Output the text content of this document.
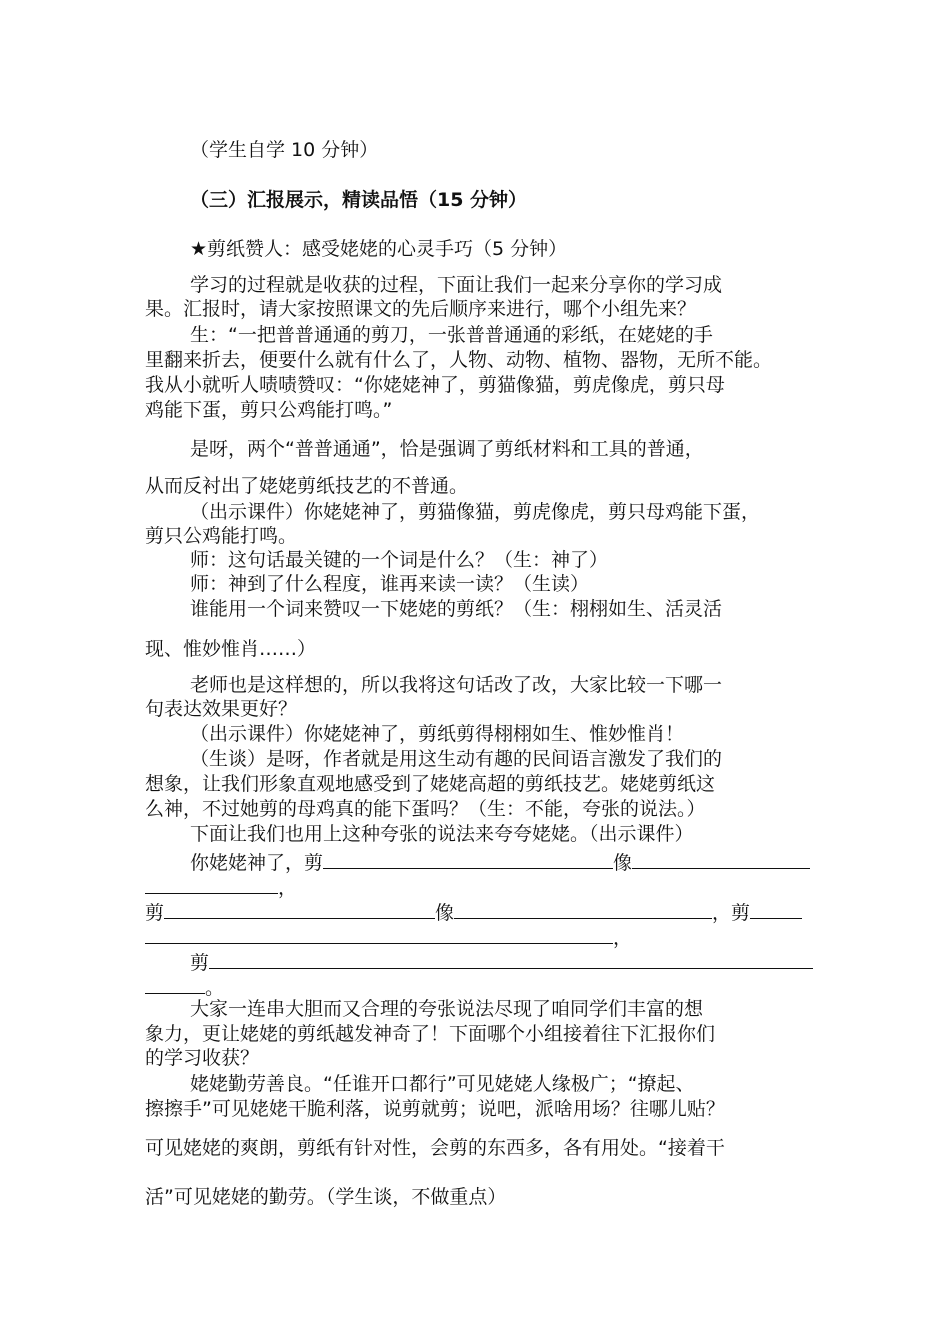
（学生自学 10 分钟）

（三）汇报展示，精读品悟（15 分钟）

★剪纸赞人：感受姥姥的心灵手巧（5 分钟）

学习的过程就是收获的过程，下面让我们一起来分享你的学习成

果。汇报时，请大家按照课文的先后顺序来进行，哪个小组先来？

生：“一把普普通通的剪刀，一张普普通通的彩纸，在姥姥的手

里翻来折去，便要什么就有什么了，人物、动物、植物、器物，无所不能。

我从小就听人啧啧赞叹：“你姥姥神了，剪猫像猫，剪虎像虎，剪只母

鸡能下蛋，剪只公鸡能打鸣。”

是呀，两个“普普通通”，恰是强调了剪纸材料和工具的普通，

从而反衬出了姥姥剪纸技艺的不普通。

（出示课件）你姥姥神了，剪猫像猫，剪虎像虎，剪只母鸡能下蛋，

剪只公鸡能打鸣。

师：这句话最关键的一个词是什么？（生：神了）

师：神到了什么程度，谁再来读一读？（生读）

谁能用一个词来赞叹一下姥姥的剪纸？（生：栩栩如生、活灵活

现、惟妙惟肖……）

老师也是这样想的，所以我将这句话改了改，大家比较一下哪一

句表达效果更好？

（出示课件）你姥姥神了，剪纸剪得栩栩如生、惟妙惟肖！

（生谈）是呀，作者就是用这生动有趣的民间语言激发了我们的

想象，让我们形象直观地感受到了姥姥高超的剪纸技艺。姥姥剪纸这

么神，不过她剪的母鸡真的能下蛋吗？（生：不能，夸张的说法。）

下面让我们也用上这种夸张的说法来夸夸姥姥。（出示课件）

你姥姥神了，剪	像

，

剪	像	，剪

，

剪

。

大家一连串大胆而又合理的夸张说法尽现了咱同学们丰富的想

象力，更让姥姥的剪纸越发神奇了！下面哪个小组接着往下汇报你们

的学习收获？

姥姥勤劳善良。“任谁开口都行”可见姥姥人缘极广；“撩起、

擦擦手”可见姥姥干脆利落，说剪就剪；说吧，派啥用场？往哪儿贴？

可见姥姥的爽朗，剪纸有针对性，会剪的东西多，各有用处。“接着干

活”可见姥姥的勤劳。（学生谈，不做重点）
